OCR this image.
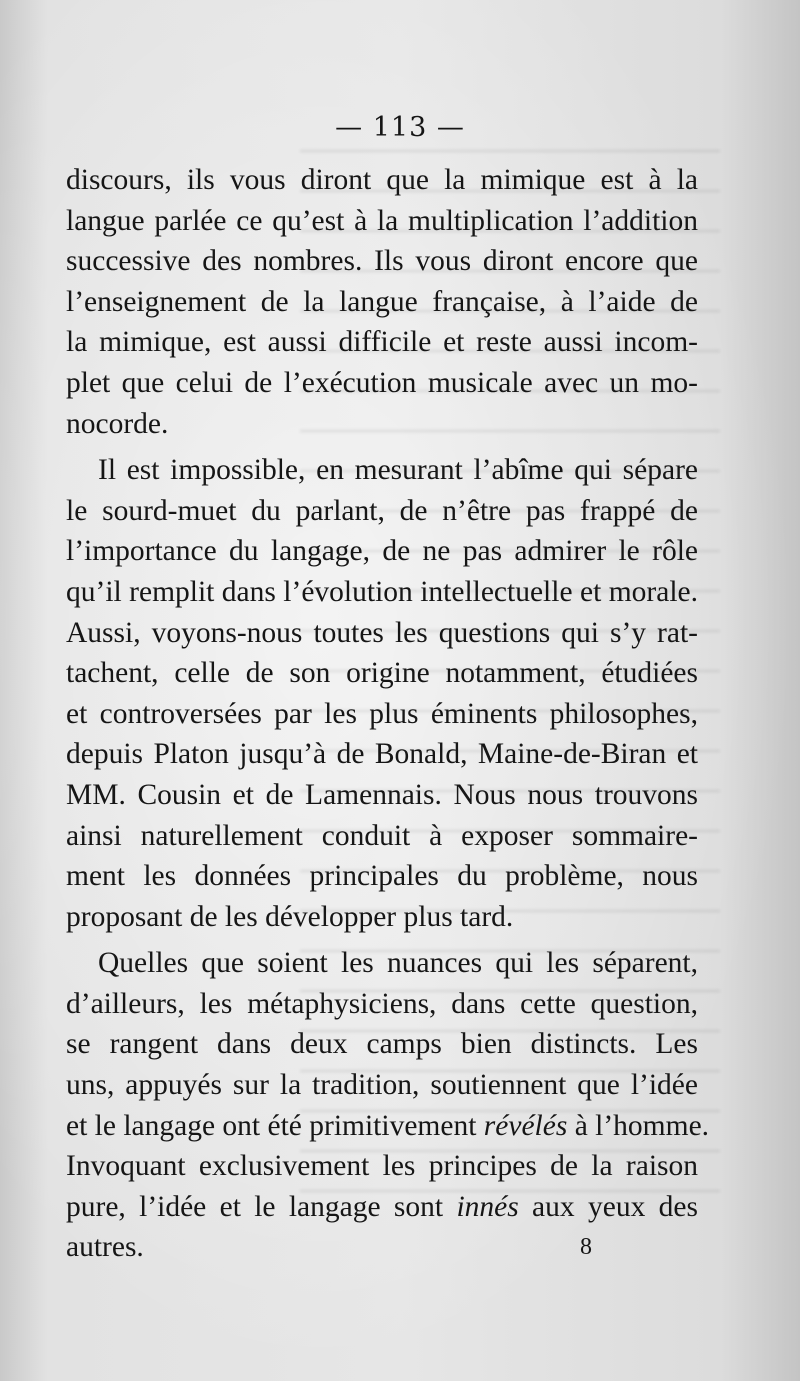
— 113 —
discours, ils vous diront que la mimique est à la
langue parlée ce qu’est à la multiplication l’addition
successive des nombres. Ils vous diront encore que
l’enseignement de la langue française, à l’aide de
la mimique, est aussi difficile et reste aussi incom-
plet que celui de l’exécution musicale avec un mo-
nocorde.
Il est impossible, en mesurant l’abîme qui sépare
le sourd-muet du parlant, de n’être pas frappé de
l’importance du langage, de ne pas admirer le rôle
qu’il remplit dans l’évolution intellectuelle et morale.
Aussi, voyons-nous toutes les questions qui s’y rat-
tachent, celle de son origine notamment, étudiées
et controversées par les plus éminents philosophes,
depuis Platon jusqu’à de Bonald, Maine-de-Biran et
MM. Cousin et de Lamennais. Nous nous trouvons
ainsi naturellement conduit à exposer sommaire-
ment les données principales du problème, nous
proposant de les développer plus tard.
Quelles que soient les nuances qui les séparent,
d’ailleurs, les métaphysiciens, dans cette question,
se rangent dans deux camps bien distincts. Les
uns, appuyés sur la tradition, soutiennent que l’idée
et le langage ont été primitivement révélés à l’homme.
Invoquant exclusivement les principes de la raison
pure, l’idée et le langage sont innés aux yeux des
autres.	8
